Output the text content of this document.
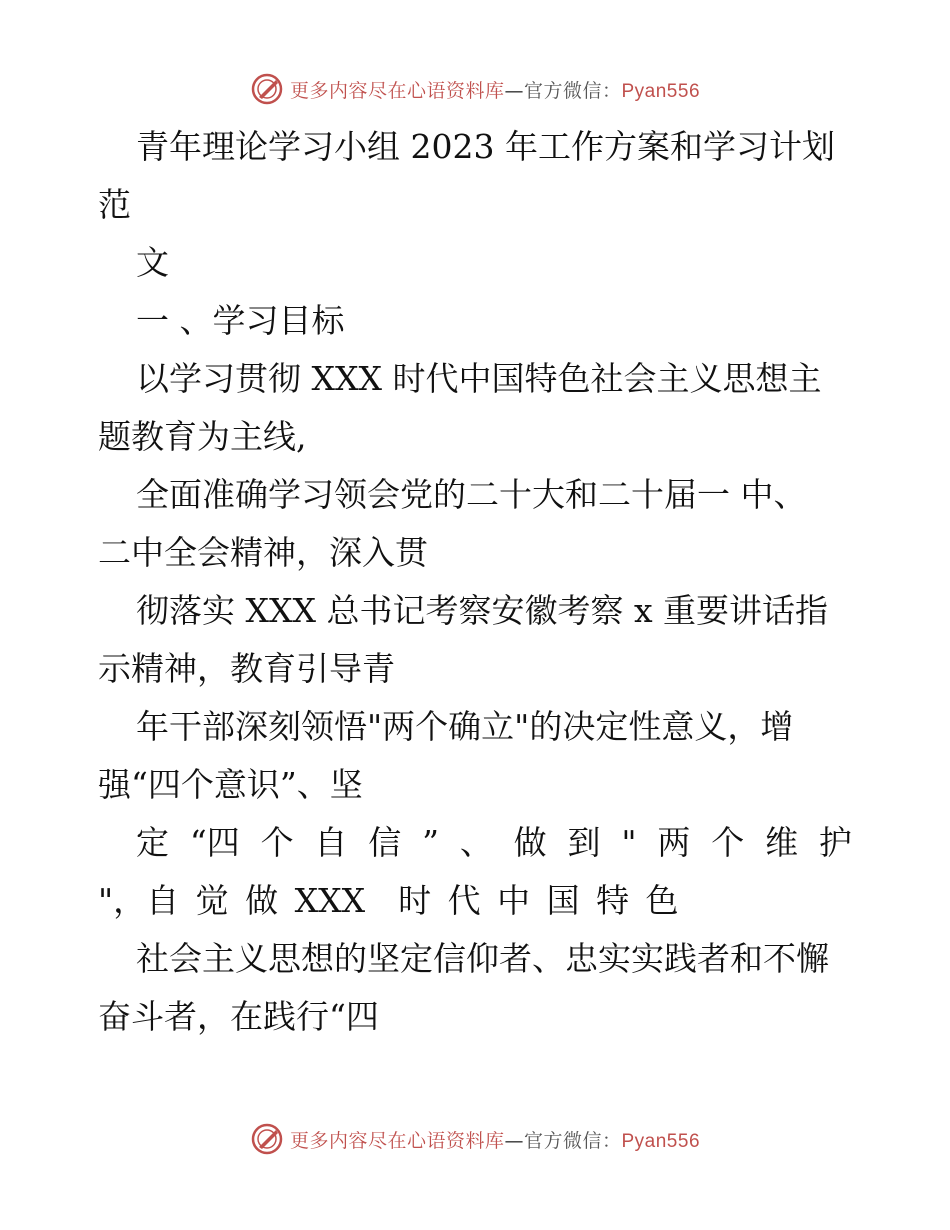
更多内容尽在心语资料库—官方微信：Pyan556
青年理论学习小组 2023 年工作方案和学习计划
范
文
一 、学习目标
以学习贯彻 XXX 时代中国特色社会主义思想主
题教育为主线,
全面准确学习领会党的二十大和二十届一 中、
二中全会精神，深入贯
彻落实 XXX 总书记考察安徽考察 x 重要讲话指
示精神，教育引导青
年干部深刻领悟"两个确立"的决定性意义，增
强“四个意识”、坚
定 “四 个 自 信 ” 、 做 到 " 两 个 维 护
"，自 觉 做 XXX  时 代 中 国 特 色
社会主义思想的坚定信仰者、忠实实践者和不懈
奋斗者，在践行“四
更多内容尽在心语资料库—官方微信：Pyan556
